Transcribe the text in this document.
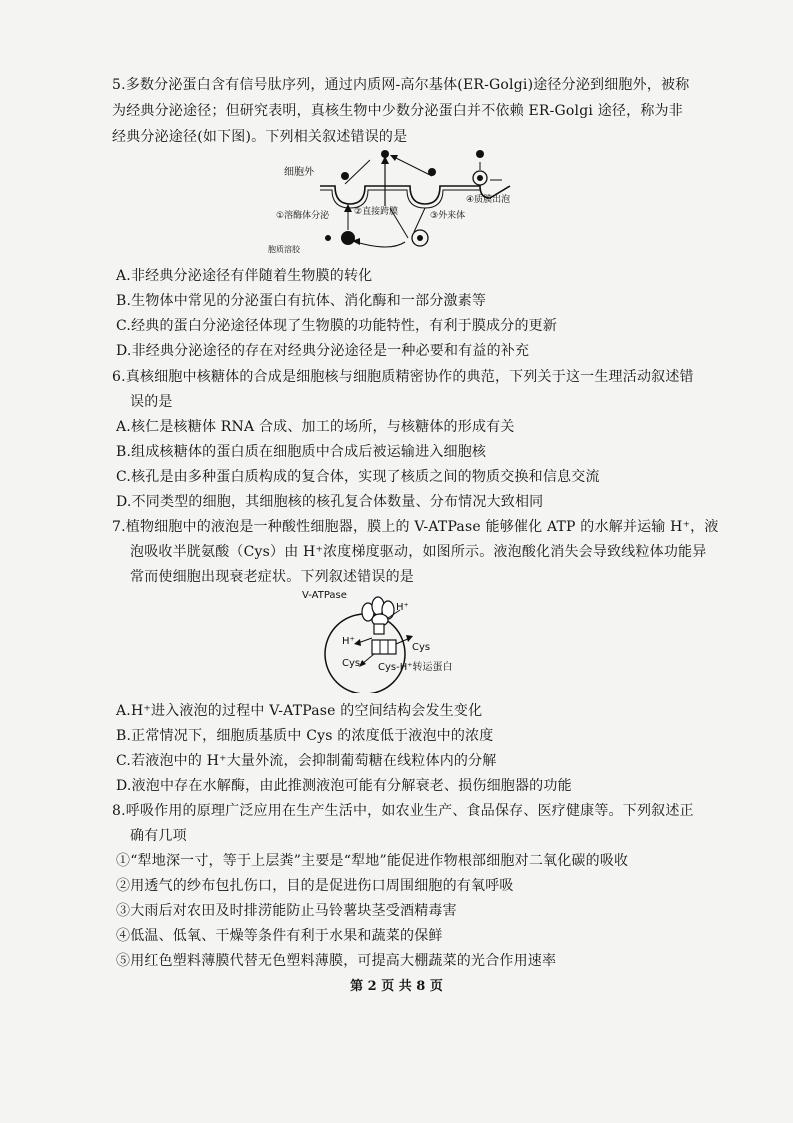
5.多数分泌蛋白含有信号肽序列，通过内质网-高尔基体(ER-Golgi)途径分泌到细胞外，被称
为经典分泌途径；但研究表明，真核生物中少数分泌蛋白并不依赖 ER-Golgi 途径，称为非
经典分泌途径(如下图)。下列相关叙述错误的是
细胞外
①溶酶体分泌	②直接跨膜	③外来体
④质膜出泡
胞质溶胶
A.非经典分泌途径有伴随着生物膜的转化
B.生物体中常见的分泌蛋白有抗体、消化酶和一部分激素等
C.经典的蛋白分泌途径体现了生物膜的功能特性，有利于膜成分的更新
D.非经典分泌途径的存在对经典分泌途径是一种必要和有益的补充
6.真核细胞中核糖体的合成是细胞核与细胞质精密协作的典范，下列关于这一生理活动叙述错
误的是
A.核仁是核糖体 RNA 合成、加工的场所，与核糖体的形成有关
B.组成核糖体的蛋白质在细胞质中合成后被运输进入细胞核
C.核孔是由多种蛋白质构成的复合体，实现了核质之间的物质交换和信息交流
D.不同类型的细胞，其细胞核的核孔复合体数量、分布情况大致相同
7.植物细胞中的液泡是一种酸性细胞器，膜上的 V-ATPase 能够催化 ATP 的水解并运输 H⁺，液
泡吸收半胱氨酸（Cys）由 H⁺浓度梯度驱动，如图所示。液泡酸化消失会导致线粒体功能异
常而使细胞出现衰老症状。下列叙述错误的是
V-ATPase
H⁺
H⁺
Cys
Cys Cys-H⁺转运蛋白
A.H⁺进入液泡的过程中 V-ATPase 的空间结构会发生变化
B.正常情况下，细胞质基质中 Cys 的浓度低于液泡中的浓度
C.若液泡中的 H⁺大量外流，会抑制葡萄糖在线粒体内的分解
D.液泡中存在水解酶，由此推测液泡可能有分解衰老、损伤细胞器的功能
8.呼吸作用的原理广泛应用在生产生活中，如农业生产、食品保存、医疗健康等。下列叙述正
确有几项
①“犁地深一寸，等于上层粪”主要是“犁地”能促进作物根部细胞对二氧化碳的吸收
②用透气的纱布包扎伤口，目的是促进伤口周围细胞的有氧呼吸
③大雨后对农田及时排涝能防止马铃薯块茎受酒精毒害
④低温、低氧、干燥等条件有利于水果和蔬菜的保鲜
⑤用红色塑料薄膜代替无色塑料薄膜，可提高大棚蔬菜的光合作用速率
第 2 页 共 8 页
